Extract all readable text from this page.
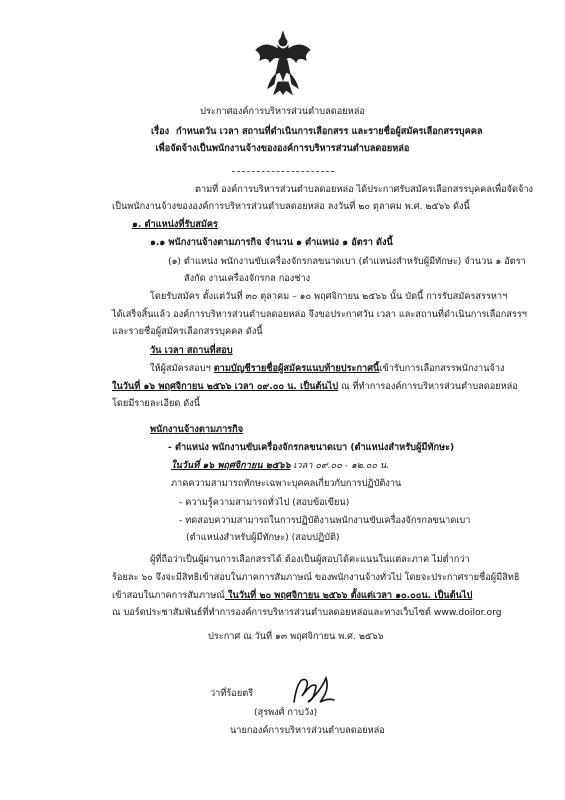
ประกาศองค์การบริหารส่วนตำบลดอยหล่อ
เรื่อง กำหนดวัน เวลา สถานที่ดำเนินการเลือกสรร และรายชื่อผู้สมัครเลือกสรรบุคคล
เพื่อจัดจ้างเป็นพนักงานจ้างขององค์การบริหารส่วนตำบลดอยหล่อ
ตามที่ องค์การบริหารส่วนตำบลดอยหล่อ ได้ประกาศรับสมัครเลือกสรรบุคคลเพื่อจัดจ้าง
เป็นพนักงานจ้างขององค์การบริหารส่วนตำบลดอยหล่อ ลงวันที่ ๒๐ ตุลาคม พ.ศ. ๒๕๖๖ ดังนี้
๑. ตำแหน่งที่รับสมัคร
๑.๑ พนักงานจ้างตามภารกิจ จำนวน ๑ ตำแหน่ง ๑ อัตรา ดังนี้
(๑) ตำแหน่ง พนักงานขับเครื่องจักรกลขนาดเบา (ตำแหน่งสำหรับผู้มีทักษะ) จำนวน ๑ อัตรา
สังกัด งานเครื่องจักรกล กองช่าง
โดยรับสมัคร ตั้งแต่วันที่ ๓๐ ตุลาคม – ๑๐ พฤศจิกายน ๒๕๖๖ นั้น บัดนี้ การรับสมัครสรรหาฯ
ได้เสร็จสิ้นแล้ว องค์การบริหารส่วนตำบลดอยหล่อ จึงขอประกาศวัน เวลา และสถานที่ดำเนินการเลือกสรรฯ
และรายชื่อผู้สมัครเลือกสรรบุคคล ดังนี้
วัน เวลา สถานที่สอบ
ให้ผู้สมัครสอบฯ ตามบัญชีรายชื่อผู้สมัครแนบท้ายประกาศนี้เข้ารับการเลือกสรรพนักงานจ้าง
ในวันที่ ๑๖ พฤศจิกายน ๒๕๖๖ เวลา ๐๙.๐๐ น. เป็นต้นไป ณ ที่ทำการองค์การบริหารส่วนตำบลดอยหล่อ
โดยมีรายละเอียด ดังนี้
พนักงานจ้างตามภารกิจ
- ตำแหน่ง พนักงานขับเครื่องจักรกลขนาดเบา (ตำแหน่งสำหรับผู้มีทักษะ)
ในวันที่ ๑๖ พฤศจิกายน ๒๕๖๖ เวลา ๐๙.๐๐ - ๑๒.๐๐ น.
ภาคความสามารถทักษะเฉพาะบุคคลเกี่ยวกับการปฏิบัติงาน
- ความรู้ความสามารถทั่วไป (สอบข้อเขียน)
- ทดสอบความสามารถในการปฏิบัติงานพนักงานขับเครื่องจักรกลขนาดเบา
(ตำแหน่งสำหรับผู้มีทักษะ) (สอบปฏิบัติ)
ผู้ที่ถือว่าเป็นผู้ผ่านการเลือกสรรได้ ต้องเป็นผู้สอบได้คะแนนในแต่ละภาค ไม่ต่ำกว่า
ร้อยละ ๖๐ จึงจะมีสิทธิเข้าสอบในภาคการสัมภาษณ์ ของพนักงานจ้างทั่วไป โดยจะประกาศรายชื่อผู้มีสิทธิ
เข้าสอบในภาคการสัมภาษณ์ ในวันที่ ๒๐ พฤศจิกายน ๒๕๖๖ ตั้งแต่เวลา ๑๐.๐๐น. เป็นต้นไป
ณ บอร์ดประชาสัมพันธ์ที่ทำการองค์การบริหารส่วนตำบลดอยหล่อและทางเว็บไซต์ www.doilor.org
ประกาศ ณ วันที่ ๑๓ พฤศจิกายน พ.ศ. ๒๕๖๖
ว่าที่ร้อยตรี
(สุรพงศ์ กาบวัง)
นายกองค์การบริหารส่วนตำบลดอยหล่อ
